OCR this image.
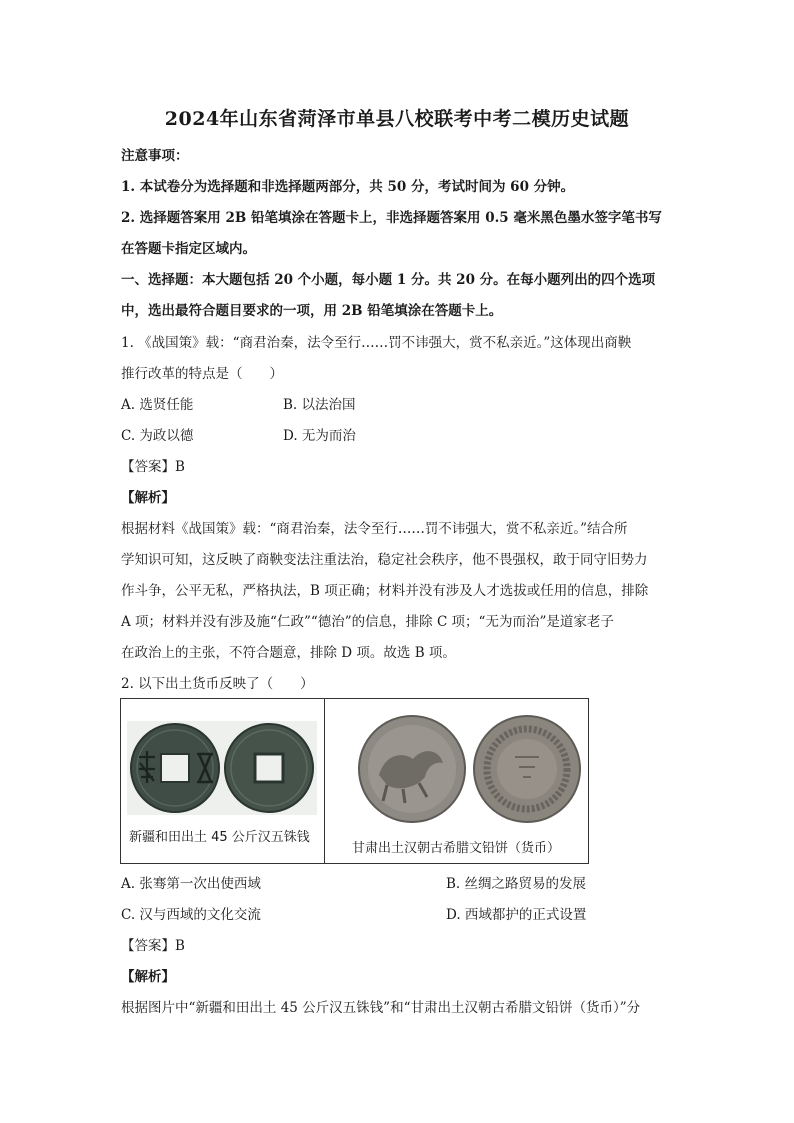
2024年山东省菏泽市单县八校联考中考二模历史试题
注意事项：
1. 本试卷分为选择题和非选择题两部分，共 50 分，考试时间为 60 分钟。
2. 选择题答案用 2B 铅笔填涂在答题卡上，非选择题答案用 0.5 毫米黑色墨水签字笔书写
在答题卡指定区域内。
一、选择题：本大题包括 20 个小题，每小题 1 分。共 20 分。在每小题列出的四个选项
中，选出最符合题目要求的一项，用 2B 铅笔填涂在答题卡上。
1. 《战国策》载：“商君治秦，法令至行……罚不讳强大，赏不私亲近。”这体现出商鞅
推行改革的特点是（　　）
A. 选贤任能	B. 以法治国
C. 为政以德	D. 无为而治
【答案】B
【解析】
根据材料《战国策》载：“商君治秦，法令至行……罚不讳强大，赏不私亲近。”结合所
学知识可知，这反映了商鞅变法注重法治，稳定社会秩序，他不畏强权，敢于同守旧势力
作斗争，公平无私，严格执法，B 项正确；材料并没有涉及人才选拔或任用的信息，排除
A 项；材料并没有涉及施“仁政”“德治”的信息，排除 C 项；“无为而治”是道家老子
在政治上的主张，不符合题意，排除 D 项。故选 B 项。
2. 以下出土货币反映了（　　）
新疆和田出土 45 公斤汉五铢钱
甘肃出土汉朝古希腊文铅饼（货币）
A. 张骞第一次出使西域	B. 丝绸之路贸易的发展
C. 汉与西域的文化交流	D. 西域都护的正式设置
【答案】B
【解析】
根据图片中“新疆和田出土 45 公斤汉五铢钱”和“甘肃出土汉朝古希腊文铅饼（货币）”分
